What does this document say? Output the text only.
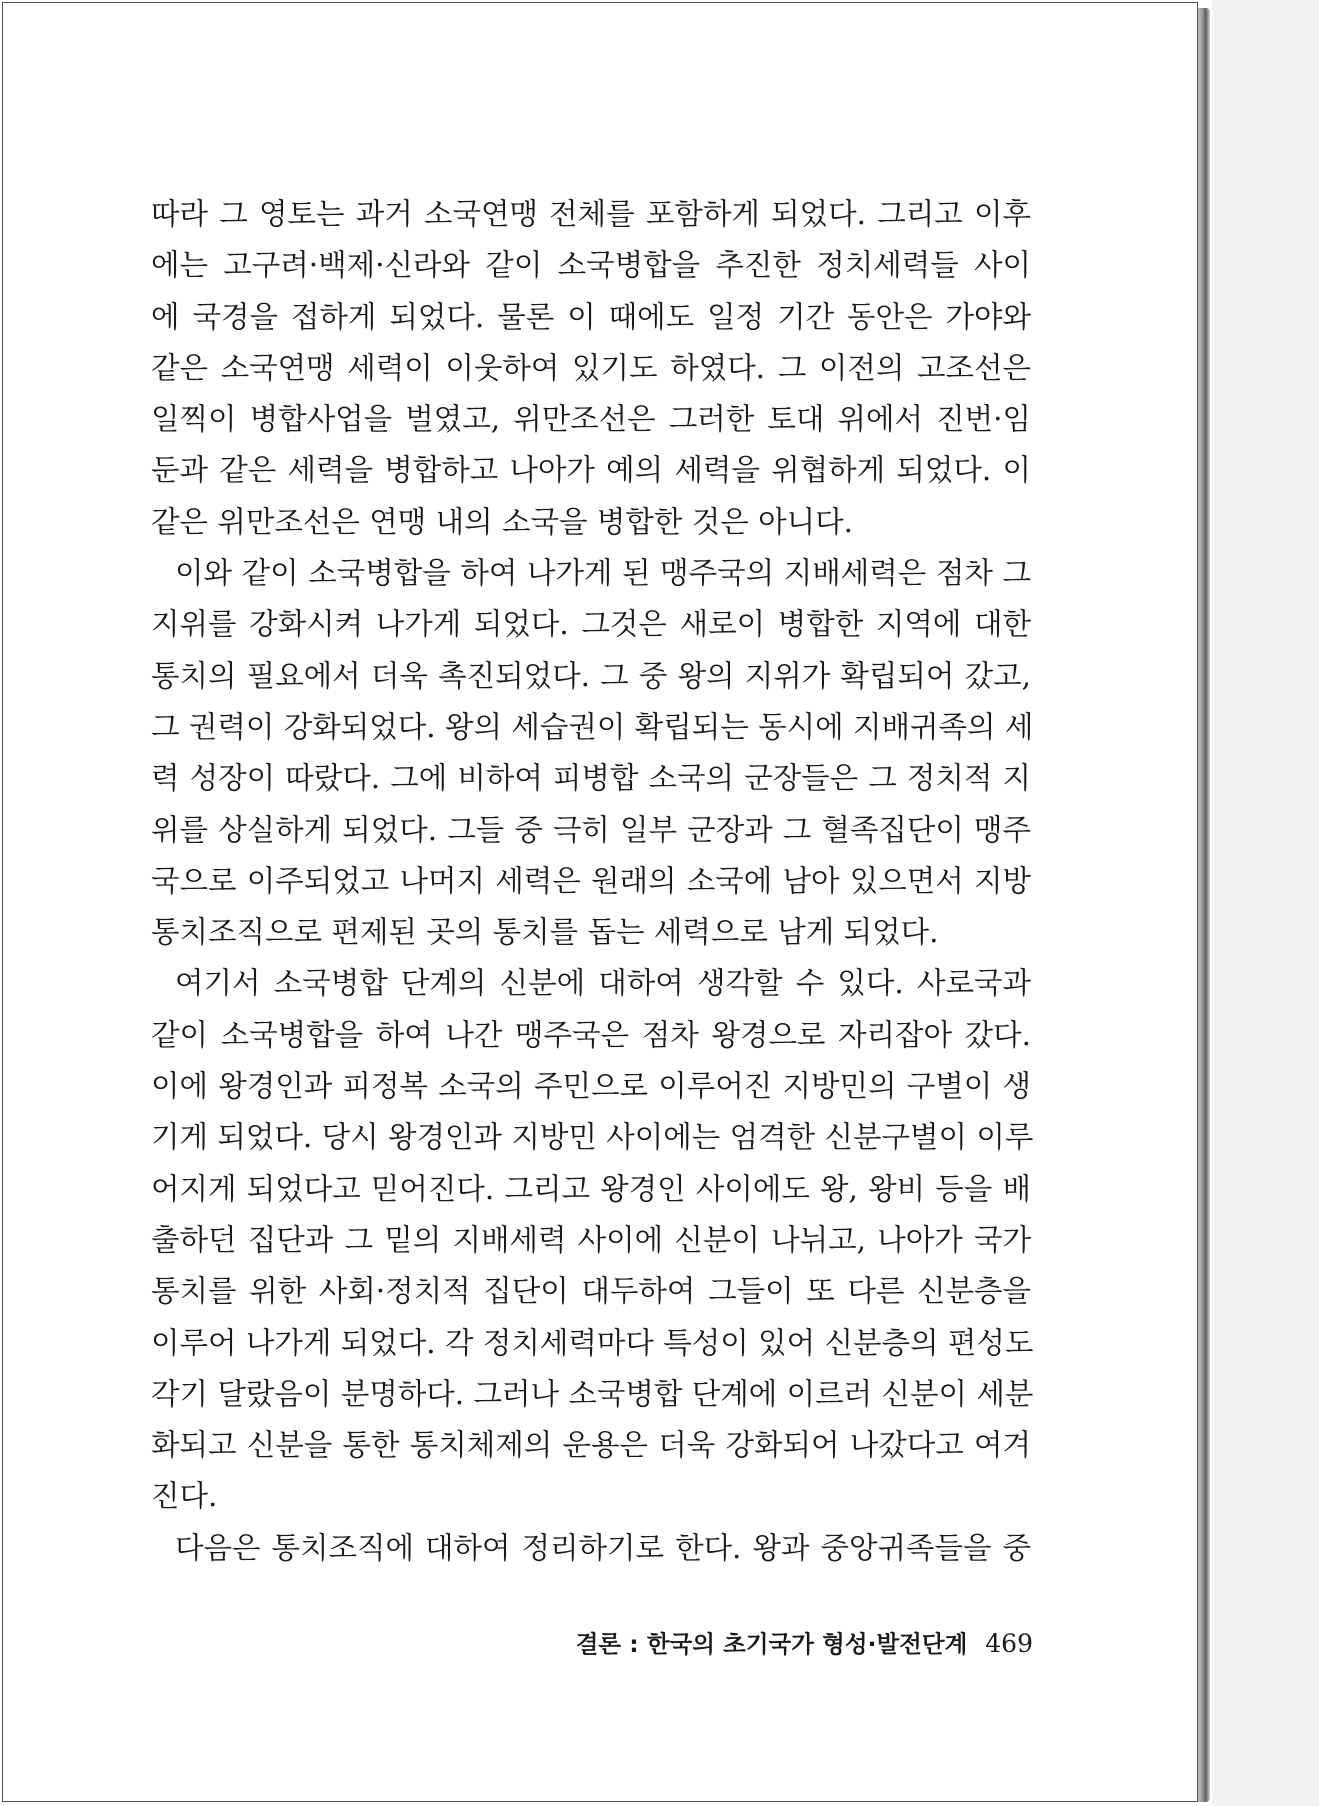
따라 그 영토는 과거 소국연맹 전체를 포함하게 되었다. 그리고 이후
에는 고구려·백제·신라와 같이 소국병합을 추진한 정치세력들 사이
에 국경을 접하게 되었다. 물론 이 때에도 일정 기간 동안은 가야와
같은 소국연맹 세력이 이웃하여 있기도 하였다. 그 이전의 고조선은
일찍이 병합사업을 벌였고, 위만조선은 그러한 토대 위에서 진번·임
둔과 같은 세력을 병합하고 나아가 예의 세력을 위협하게 되었다. 이
같은 위만조선은 연맹 내의 소국을 병합한 것은 아니다.
이와 같이 소국병합을 하여 나가게 된 맹주국의 지배세력은 점차 그
지위를 강화시켜 나가게 되었다. 그것은 새로이 병합한 지역에 대한
통치의 필요에서 더욱 촉진되었다. 그 중 왕의 지위가 확립되어 갔고,
그 권력이 강화되었다. 왕의 세습권이 확립되는 동시에 지배귀족의 세
력 성장이 따랐다. 그에 비하여 피병합 소국의 군장들은 그 정치적 지
위를 상실하게 되었다. 그들 중 극히 일부 군장과 그 혈족집단이 맹주
국으로 이주되었고 나머지 세력은 원래의 소국에 남아 있으면서 지방
통치조직으로 편제된 곳의 통치를 돕는 세력으로 남게 되었다.
여기서 소국병합 단계의 신분에 대하여 생각할 수 있다. 사로국과
같이 소국병합을 하여 나간 맹주국은 점차 왕경으로 자리잡아 갔다.
이에 왕경인과 피정복 소국의 주민으로 이루어진 지방민의 구별이 생
기게 되었다. 당시 왕경인과 지방민 사이에는 엄격한 신분구별이 이루
어지게 되었다고 믿어진다. 그리고 왕경인 사이에도 왕, 왕비 등을 배
출하던 집단과 그 밑의 지배세력 사이에 신분이 나뉘고, 나아가 국가
통치를 위한 사회·정치적 집단이 대두하여 그들이 또 다른 신분층을
이루어 나가게 되었다. 각 정치세력마다 특성이 있어 신분층의 편성도
각기 달랐음이 분명하다. 그러나 소국병합 단계에 이르러 신분이 세분
화되고 신분을 통한 통치체제의 운용은 더욱 강화되어 나갔다고 여겨
진다.
다음은 통치조직에 대하여 정리하기로 한다. 왕과 중앙귀족들을 중
결론 : 한국의 초기국가 형성·발전단계 469
